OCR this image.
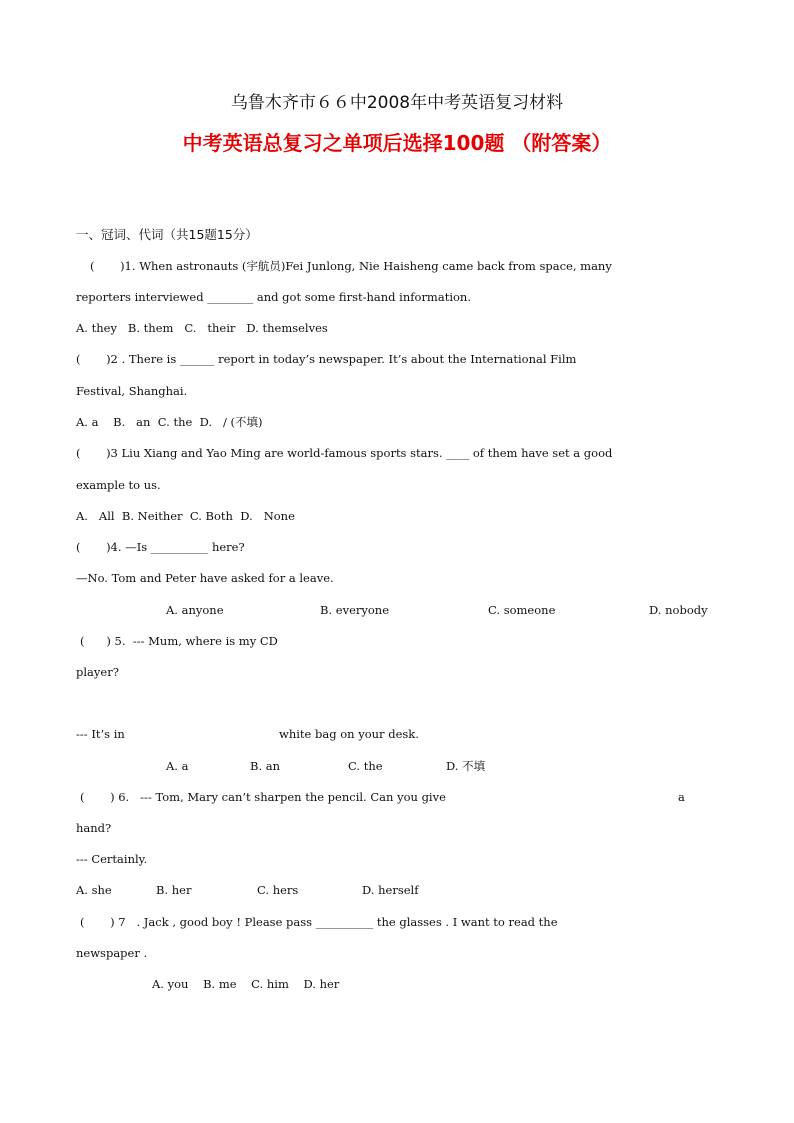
乌鲁木齐市６６中2008年中考英语复习材料
中考英语总复习之单项后选择100题 （附答案）
一、冠词、代词（共15题15分）
(       )1. When astronauts (宇航员)Fei Junlong, Nie Haisheng came back from space, many
reporters interviewed ________ and got some first-hand information.
A. they   B. them   C.   their   D. themselves
(       )2 . There is ______ report in today’s newspaper. It’s about the International Film
Festival, Shanghai.
A. a    B.   an  C. the  D.   / (不填)
(       )3 Liu Xiang and Yao Ming are world-famous sports stars. ____ of them have set a good
example to us.
A.   All  B. Neither  C. Both  D.   None
(       )4. —Is __________ here?
—No. Tom and Peter have asked for a leave.
A. anyone	B. everyone	C. someone	D. nobody
(      ) 5.  --- Mum, where is my CD
player?
--- It’s in	white bag on your desk.
A. a	B. an	C. the	D. 不填
(       ) 6.   --- Tom, Mary can’t sharpen the pencil. Can you give	a
hand?
--- Certainly.
A. she	B. her	C. hers	D. herself
(       ) 7   . Jack , good boy ! Please pass __________ the glasses . I want to read the
newspaper .
A. you    B. me    C. him    D. her
